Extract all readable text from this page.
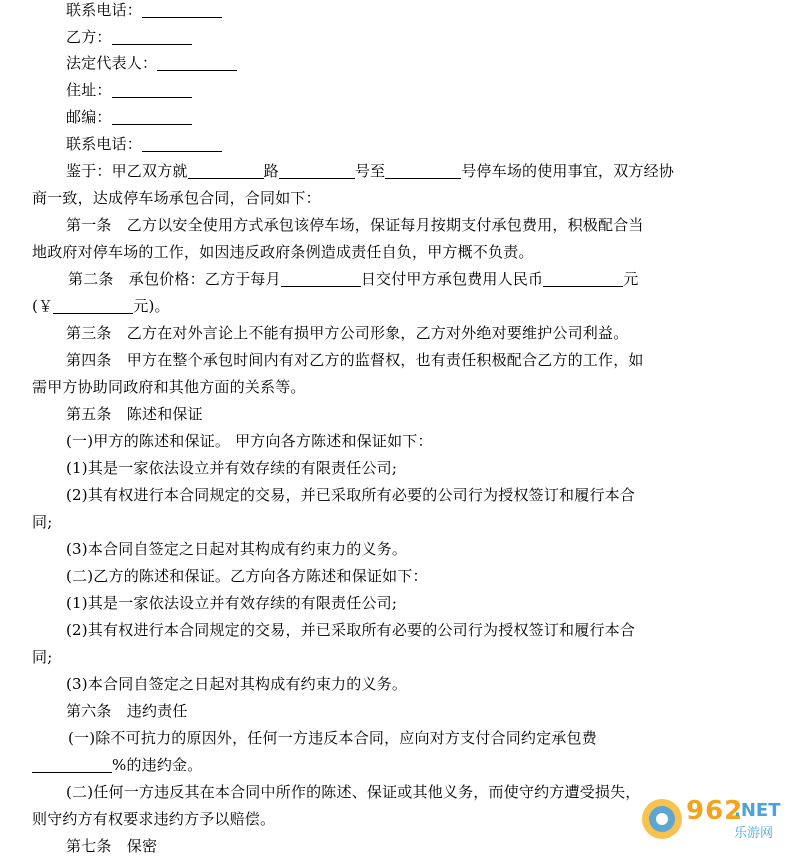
联系电话：
乙方：
法定代表人：
住址：
邮编：
联系电话：
鉴于：甲乙双方就	路	号至	号停车场的使用事宜，双方经协
商一致，达成停车场承包合同，合同如下：
第一条　乙方以安全使用方式承包该停车场，保证每月按期支付承包费用，积极配合当
地政府对停车场的工作，如因违反政府条例造成责任自负，甲方概不负责。
第二条　承包价格：乙方于每月	日交付甲方承包费用人民币	元
(￥	元)。
第三条　乙方在对外言论上不能有损甲方公司形象，乙方对外绝对要维护公司利益。
第四条　甲方在整个承包时间内有对乙方的监督权，也有责任积极配合乙方的工作，如
需甲方协助同政府和其他方面的关系等。
第五条　陈述和保证
(一)甲方的陈述和保证。 甲方向各方陈述和保证如下：
(1)其是一家依法设立并有效存续的有限责任公司;
(2)其有权进行本合同规定的交易，并已采取所有必要的公司行为授权签订和履行本合
同;
(3)本合同自签定之日起对其构成有约束力的义务。
(二)乙方的陈述和保证。乙方向各方陈述和保证如下：
(1)其是一家依法设立并有效存续的有限责任公司;
(2)其有权进行本合同规定的交易，并已采取所有必要的公司行为授权签订和履行本合
同;
(3)本合同自签定之日起对其构成有约束力的义务。
第六条　违约责任
(一)除不可抗力的原因外，任何一方违反本合同，应向对方支付合同约定承包费
%的违约金。
(二)任何一方违反其在本合同中所作的陈述、保证或其他义务，而使守约方遭受损失，
则守约方有权要求违约方予以赔偿。
第七条　保密
962
.NET
乐游网
